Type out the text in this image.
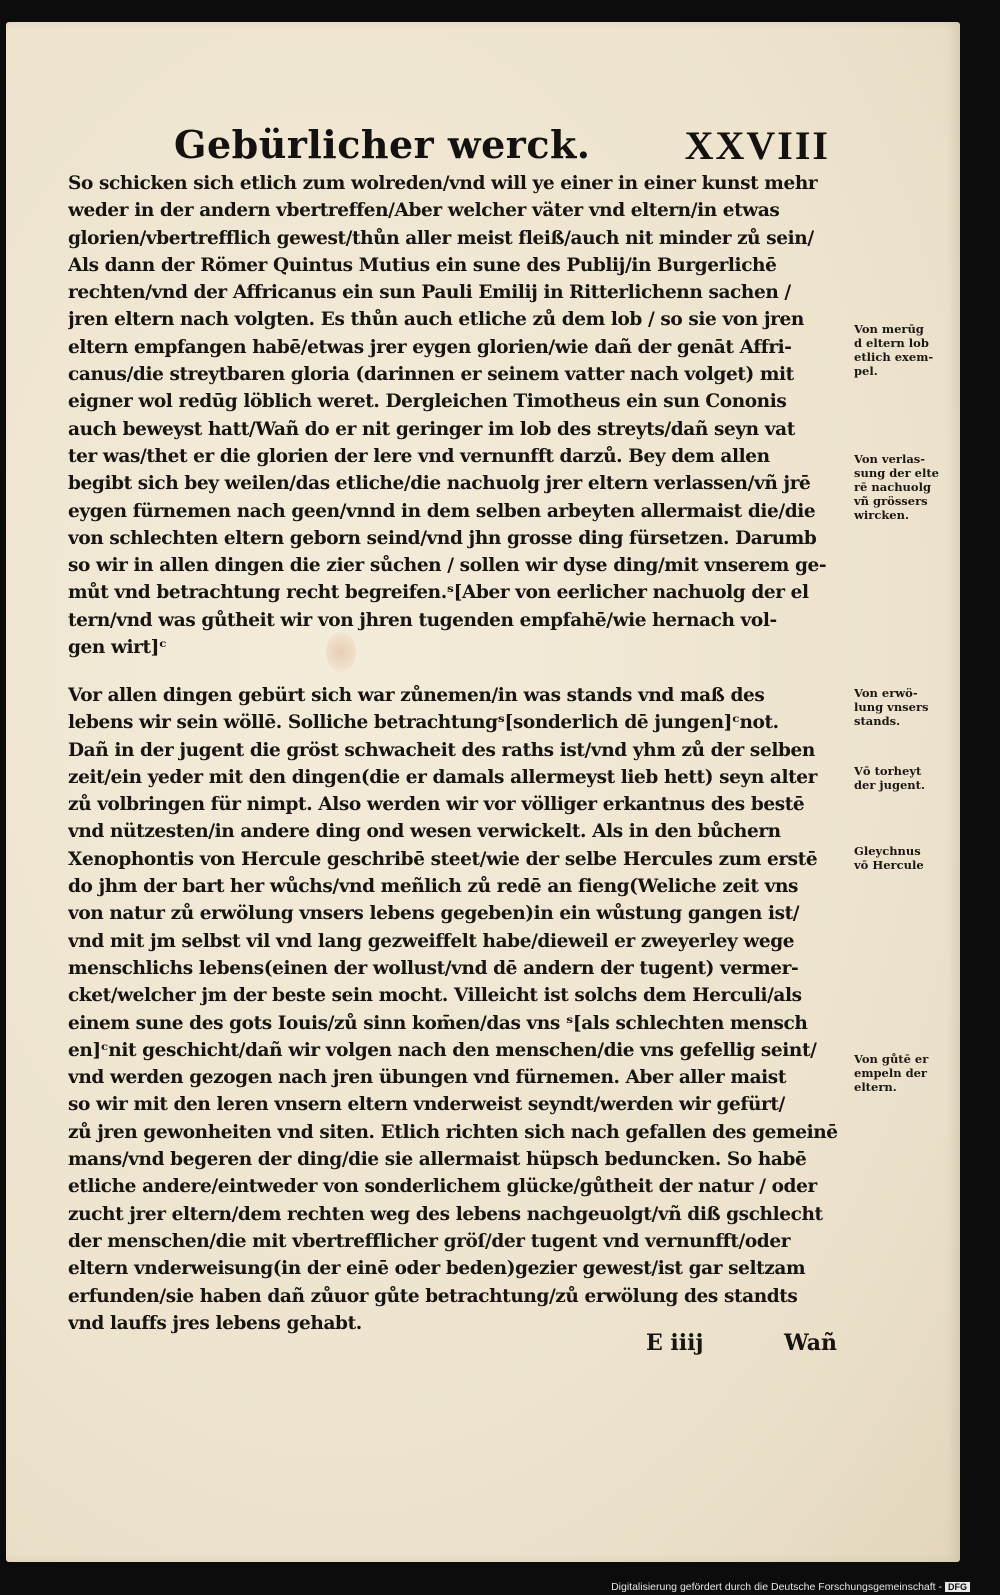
Gebürlicher werck. XXVIII
So schicken sich etlich zum wolreden/vnd will ye einer in einer kunst mehr
weder in der andern vbertreffen/Aber welcher väter vnd eltern/in etwas
glorien/vbertrefflich gewest/thůn aller meist fleiß/auch nit minder zů sein/
Als dann der Römer Quintus Mutius ein sune des Publij/in Burgerlichē
rechten/vnd der Affricanus ein sun Pauli Emilij in Ritterlichenn sachen /
jren eltern nach volgten. Es thůn auch etliche zů dem lob / so sie von jren
eltern empfangen habē/etwas jrer eygen glorien/wie dañ der genāt Affri-
canus/die streytbaren gloria (darinnen er seinem vatter nach volget) mit
eigner wol redūg löblich weret. Dergleichen Timotheus ein sun Cononis
auch beweyst hatt/Wañ do er nit geringer im lob des streyts/dañ seyn vat
ter was/thet er die glorien der lere vnd vernunfft darzů. Bey dem allen
begibt sich bey weilen/das etliche/die nachuolg jrer eltern verlassen/vñ jrē
eygen fürnemen nach geen/vnnd in dem selben arbeyten allermaist die/die
von schlechten eltern geborn seind/vnd jhn grosse ding fürsetzen. Darumb
so wir in allen dingen die zier sůchen / sollen wir dyse ding/mit vnserem ge-
můt vnd betrachtung recht begreifen.ˢ[Aber von eerlicher nachuolg der el
tern/vnd was gůtheit wir von jhren tugenden empfahē/wie hernach vol-
gen wirt]ᶜ
Vor allen dingen gebürt sich war zůnemen/in was stands vnd maß des
lebens wir sein wöllē. Solliche betrachtungˢ[sonderlich dē jungen]ᶜnot.
Dañ in der jugent die gröst schwacheit des raths ist/vnd yhm zů der selben
zeit/ein yeder mit den dingen(die er damals allermeyst lieb hett) seyn alter
zů volbringen für nimpt. Also werden wir vor völliger erkantnus des bestē
vnd nützesten/in andere ding ond wesen verwickelt. Als in den bůchern
Xenophontis von Hercule geschribē steet/wie der selbe Hercules zum erstē
do jhm der bart her wůchs/vnd meñlich zů redē an fieng(Weliche zeit vns
von natur zů erwölung vnsers lebens gegeben)in ein wůstung gangen ist/
vnd mit jm selbst vil vnd lang gezweiffelt habe/dieweil er zweyerley wege
menschlichs lebens(einen der wollust/vnd dē andern der tugent) vermer-
cket/welcher jm der beste sein mocht. Villeicht ist solchs dem Herculi/als
einem sune des gots Iouis/zů sinn kom̄en/das vns ˢ[als schlechten mensch
en]ᶜnit geschicht/dañ wir volgen nach den menschen/die vns gefellig seint/
vnd werden gezogen nach jren übungen vnd fürnemen. Aber aller maist
so wir mit den leren vnsern eltern vnderweist seyndt/werden wir gefürt/
zů jren gewonheiten vnd siten. Etlich richten sich nach gefallen des gemeinē
mans/vnd begeren der ding/die sie allermaist hüpsch beduncken. So habē
etliche andere/eintweder von sonderlichem glücke/gůtheit der natur / oder
zucht jrer eltern/dem rechten weg des lebens nachgeuolgt/vñ diß gschlecht
der menschen/die mit vbertrefflicher gröſ/der tugent vnd vernunfft/oder
eltern vnderweisung(in der einē oder beden)gezier gewest/ist gar seltzam
erfunden/sie haben dañ zůuor gůte betrachtung/zů erwölung des standts
vnd lauffs jres lebens gehabt.
Von merūg
d eltern lob
etlich exem-
pel.
Von verlas-
sung der elte
rē nachuolg
vñ grössers
wircken.
Von erwö-
lung vnsers
stands.
Vō torheyt
der jugent.
Gleychnus
vō Hercule
Von gůtē er
empeln der
eltern.
E iiij	Wañ
Digitalisierung gefördert durch die Deutsche Forschungsgemeinschaft - DFG
